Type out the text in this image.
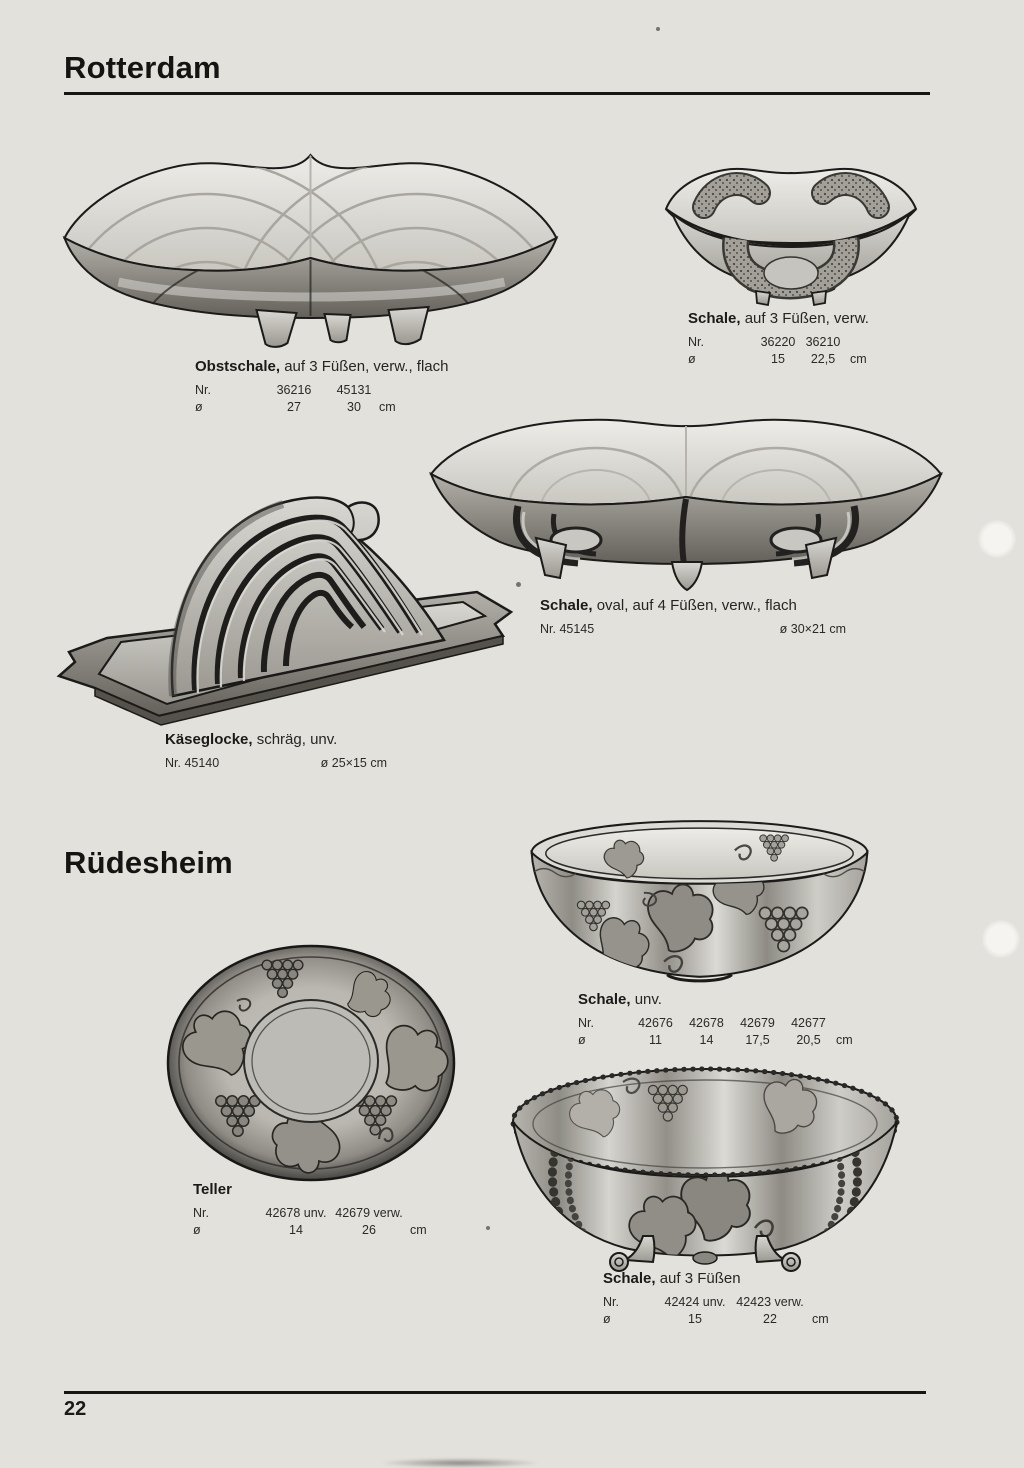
Rotterdam
Obstschale, auf 3 Füßen, verw., flach
Nr.	36216	45131
ø	27	30	cm
Schale, auf 3 Füßen, verw.
Nr.	36220 36210
ø	15	22,5	cm
Schale, oval, auf 4 Füßen, verw., flach
Nr. 45145	ø 30×21 cm
Käseglocke, schräg, unv.
Nr. 45140	ø 25×15 cm
Rüdesheim
Schale, unv.
Nr.	42676	42678	42679	42677
ø	11	14	17,5	20,5	cm
Teller
Nr.	42678 unv. 42679 verw.
ø	14	26	cm
Schale, auf 3 Füßen
Nr.	42424 unv. 42423 verw.
ø	15	22	cm
22
